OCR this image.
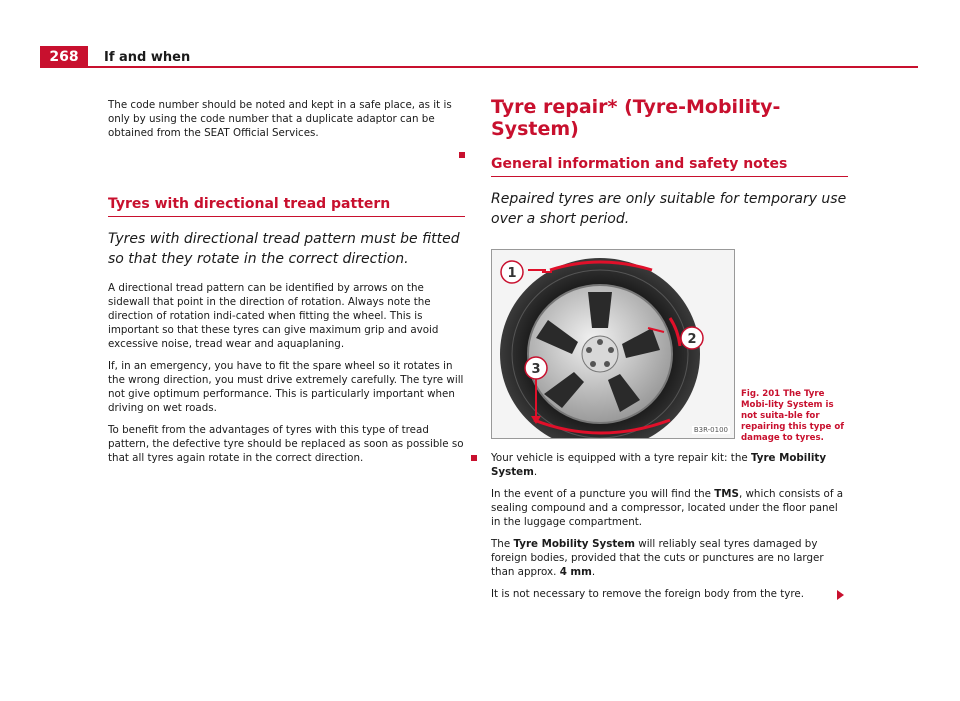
268 If and when

The code number should be noted and kept in a safe place, as it is only by using the code number that a duplicate adaptor can be obtained from the SEAT Official Services.

Tyres with directional tread pattern
Tyres with directional tread pattern must be fitted so that they rotate in the correct direction.

A directional tread pattern can be identified by arrows on the sidewall that point in the direction of rotation. Always note the direction of rotation indi-cated when fitting the wheel. This is important so that these tyres can give maximum grip and avoid excessive noise, tread wear and aquaplaning.

If, in an emergency, you have to fit the spare wheel so it rotates in the wrong direction, you must drive extremely carefully. The tyre will not give optimum performance. This is particularly important when driving on wet roads.

To benefit from the advantages of tyres with this type of tread pattern, the defective tyre should be replaced as soon as possible so that all tyres again rotate in the correct direction.

Tyre repair* (Tyre-Mobility-System)
General information and safety notes
Repaired tyres are only suitable for temporary use over a short period.
1
2
3
B3R-0100
Fig. 201 The Tyre Mobi-lity System is not suita-ble for repairing this type of damage to tyres.

Your vehicle is equipped with a tyre repair kit: the Tyre Mobility System.

In the event of a puncture you will find the TMS, which consists of a sealing compound and a compressor, located under the floor panel in the luggage compartment.

The Tyre Mobility System will reliably seal tyres damaged by foreign bodies, provided that the cuts or punctures are no larger than approx. 4 mm.

It is not necessary to remove the foreign body from the tyre.
